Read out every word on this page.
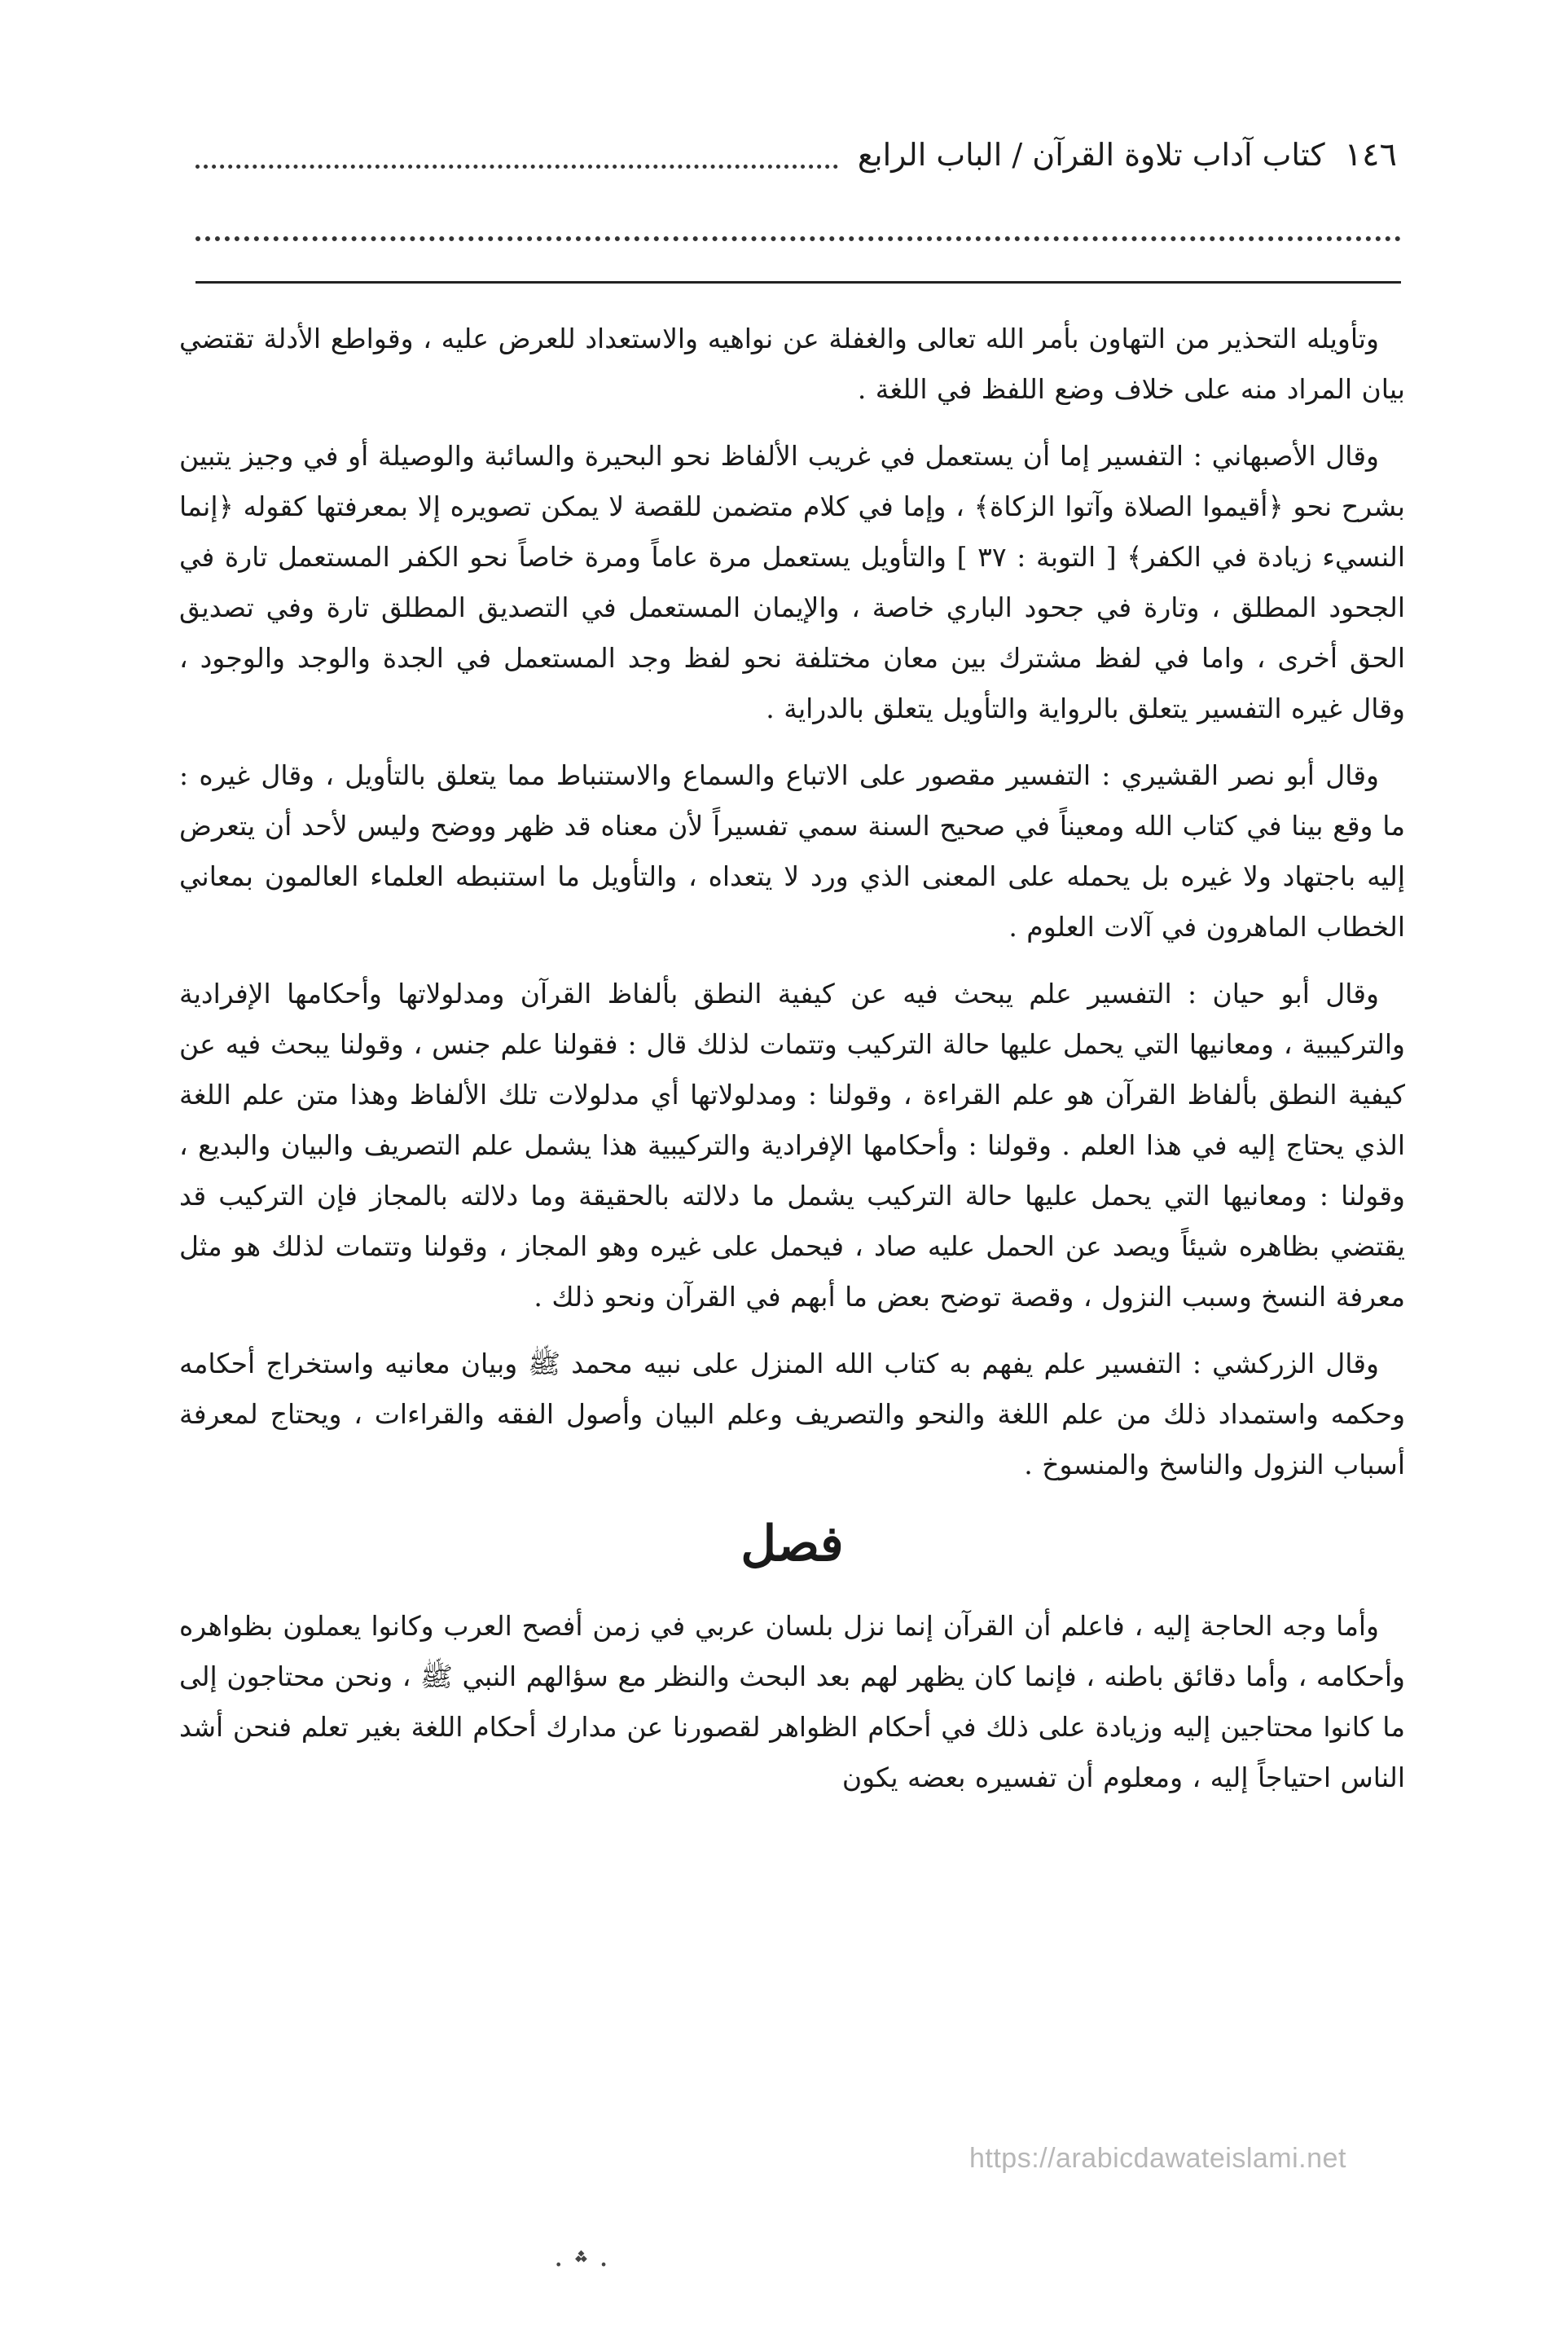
١٤٦
كتاب آداب تلاوة القرآن / الباب الرابع

وتأويله التحذير من التهاون بأمر الله تعالى والغفلة عن نواهيه والاستعداد للعرض عليه ، وقواطع الأدلة تقتضي بيان المراد منه على خلاف وضع اللفظ في اللغة .

وقال الأصبهاني : التفسير إما أن يستعمل في غريب الألفاظ نحو البحيرة والسائبة والوصيلة أو في وجيز يتبين بشرح نحو ﴿أقيموا الصلاة وآتوا الزكاة﴾ ، وإما في كلام متضمن للقصة لا يمكن تصويره إلا بمعرفتها كقوله ﴿إنما النسيء زيادة في الكفر﴾ [ التوبة : ٣٧ ] والتأويل يستعمل مرة عاماً ومرة خاصاً نحو الكفر المستعمل تارة في الجحود المطلق ، وتارة في جحود الباري خاصة ، والإيمان المستعمل في التصديق المطلق تارة وفي تصديق الحق أخرى ، واما في لفظ مشترك بين معان مختلفة نحو لفظ وجد المستعمل في الجدة والوجد والوجود ، وقال غيره التفسير يتعلق بالرواية والتأويل يتعلق بالدراية .

وقال أبو نصر القشيري : التفسير مقصور على الاتباع والسماع والاستنباط مما يتعلق بالتأويل ، وقال غيره : ما وقع بينا في كتاب الله ومعيناً في صحيح السنة سمي تفسيراً لأن معناه قد ظهر ووضح وليس لأحد أن يتعرض إليه باجتهاد ولا غيره بل يحمله على المعنى الذي ورد لا يتعداه ، والتأويل ما استنبطه العلماء العالمون بمعاني الخطاب الماهرون في آلات العلوم .

وقال أبو حيان : التفسير علم يبحث فيه عن كيفية النطق بألفاظ القرآن ومدلولاتها وأحكامها الإفرادية والتركيبية ، ومعانيها التي يحمل عليها حالة التركيب وتتمات لذلك قال : فقولنا علم جنس ، وقولنا يبحث فيه عن كيفية النطق بألفاظ القرآن هو علم القراءة ، وقولنا : ومدلولاتها أي مدلولات تلك الألفاظ وهذا متن علم اللغة الذي يحتاج إليه في هذا العلم . وقولنا : وأحكامها الإفرادية والتركيبية هذا يشمل علم التصريف والبيان والبديع ، وقولنا : ومعانيها التي يحمل عليها حالة التركيب يشمل ما دلالته بالحقيقة وما دلالته بالمجاز فإن التركيب قد يقتضي بظاهره شيئاً ويصد عن الحمل عليه صاد ، فيحمل على غيره وهو المجاز ، وقولنا وتتمات لذلك هو مثل معرفة النسخ وسبب النزول ، وقصة توضح بعض ما أبهم في القرآن ونحو ذلك .

وقال الزركشي : التفسير علم يفهم به كتاب الله المنزل على نبيه محمد ﷺ وبيان معانيه واستخراج أحكامه وحكمه واستمداد ذلك من علم اللغة والنحو والتصريف وعلم البيان وأصول الفقه والقراءات ، ويحتاج لمعرفة أسباب النزول والناسخ والمنسوخ .

فصل

وأما وجه الحاجة إليه ، فاعلم أن القرآن إنما نزل بلسان عربي في زمن أفصح العرب وكانوا يعملون بظواهره وأحكامه ، وأما دقائق باطنه ، فإنما كان يظهر لهم بعد البحث والنظر مع سؤالهم النبي ﷺ ، ونحن محتاجون إلى ما كانوا محتاجين إليه وزيادة على ذلك في أحكام الظواهر لقصورنا عن مدارك أحكام اللغة بغير تعلم فنحن أشد الناس احتياجاً إليه ، ومعلوم أن تفسيره بعضه يكون

https://arabicdawateislami.net
· ؞ ·
